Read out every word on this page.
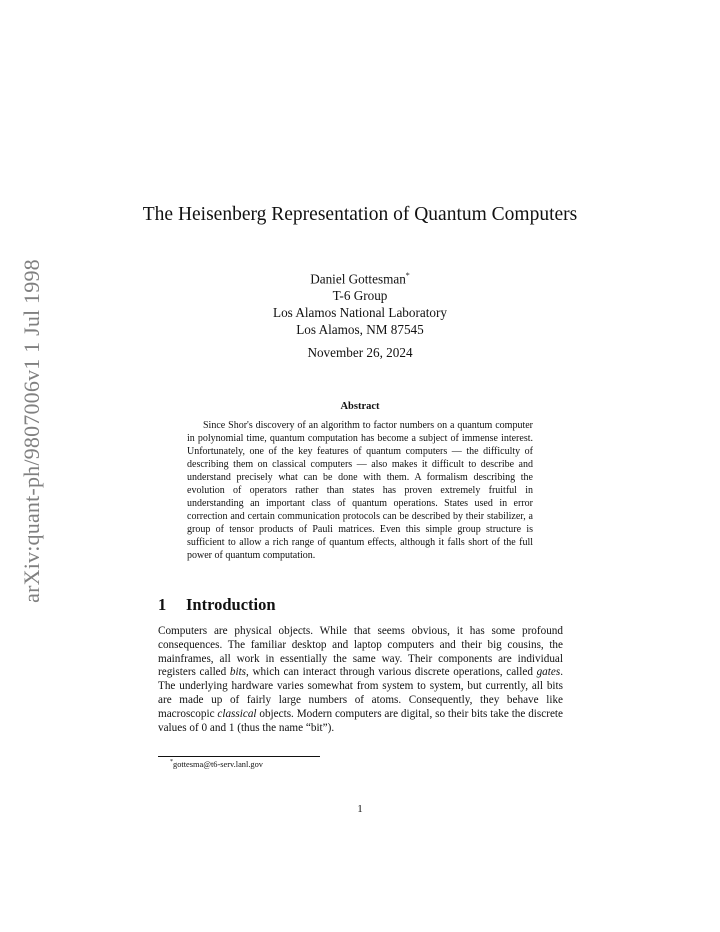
arXiv:quant-ph/9807006v1 1 Jul 1998
The Heisenberg Representation of Quantum Computers
Daniel Gottesman*
T-6 Group
Los Alamos National Laboratory
Los Alamos, NM 87545
November 26, 2024
Abstract

Since Shor's discovery of an algorithm to factor numbers on a quantum computer in polynomial time, quantum computation has become a subject of immense interest. Unfortunately, one of the key features of quantum computers — the difficulty of describing them on classical computers — also makes it difficult to describe and understand precisely what can be done with them. A formalism describing the evolution of operators rather than states has proven extremely fruitful in understanding an important class of quantum operations. States used in error correction and certain communication protocols can be described by their stabilizer, a group of tensor products of Pauli matrices. Even this simple group structure is sufficient to allow a rich range of quantum effects, although it falls short of the full power of quantum computation.

1 Introduction

Computers are physical objects. While that seems obvious, it has some profound consequences. The familiar desktop and laptop computers and their big cousins, the mainframes, all work in essentially the same way. Their components are individual registers called bits, which can interact through various discrete operations, called gates. The underlying hardware varies somewhat from system to system, but currently, all bits are made up of fairly large numbers of atoms. Consequently, they behave like macroscopic classical objects. Modern computers are digital, so their bits take the discrete values of 0 and 1 (thus the name “bit”).

*gottesma@t6-serv.lanl.gov
1
